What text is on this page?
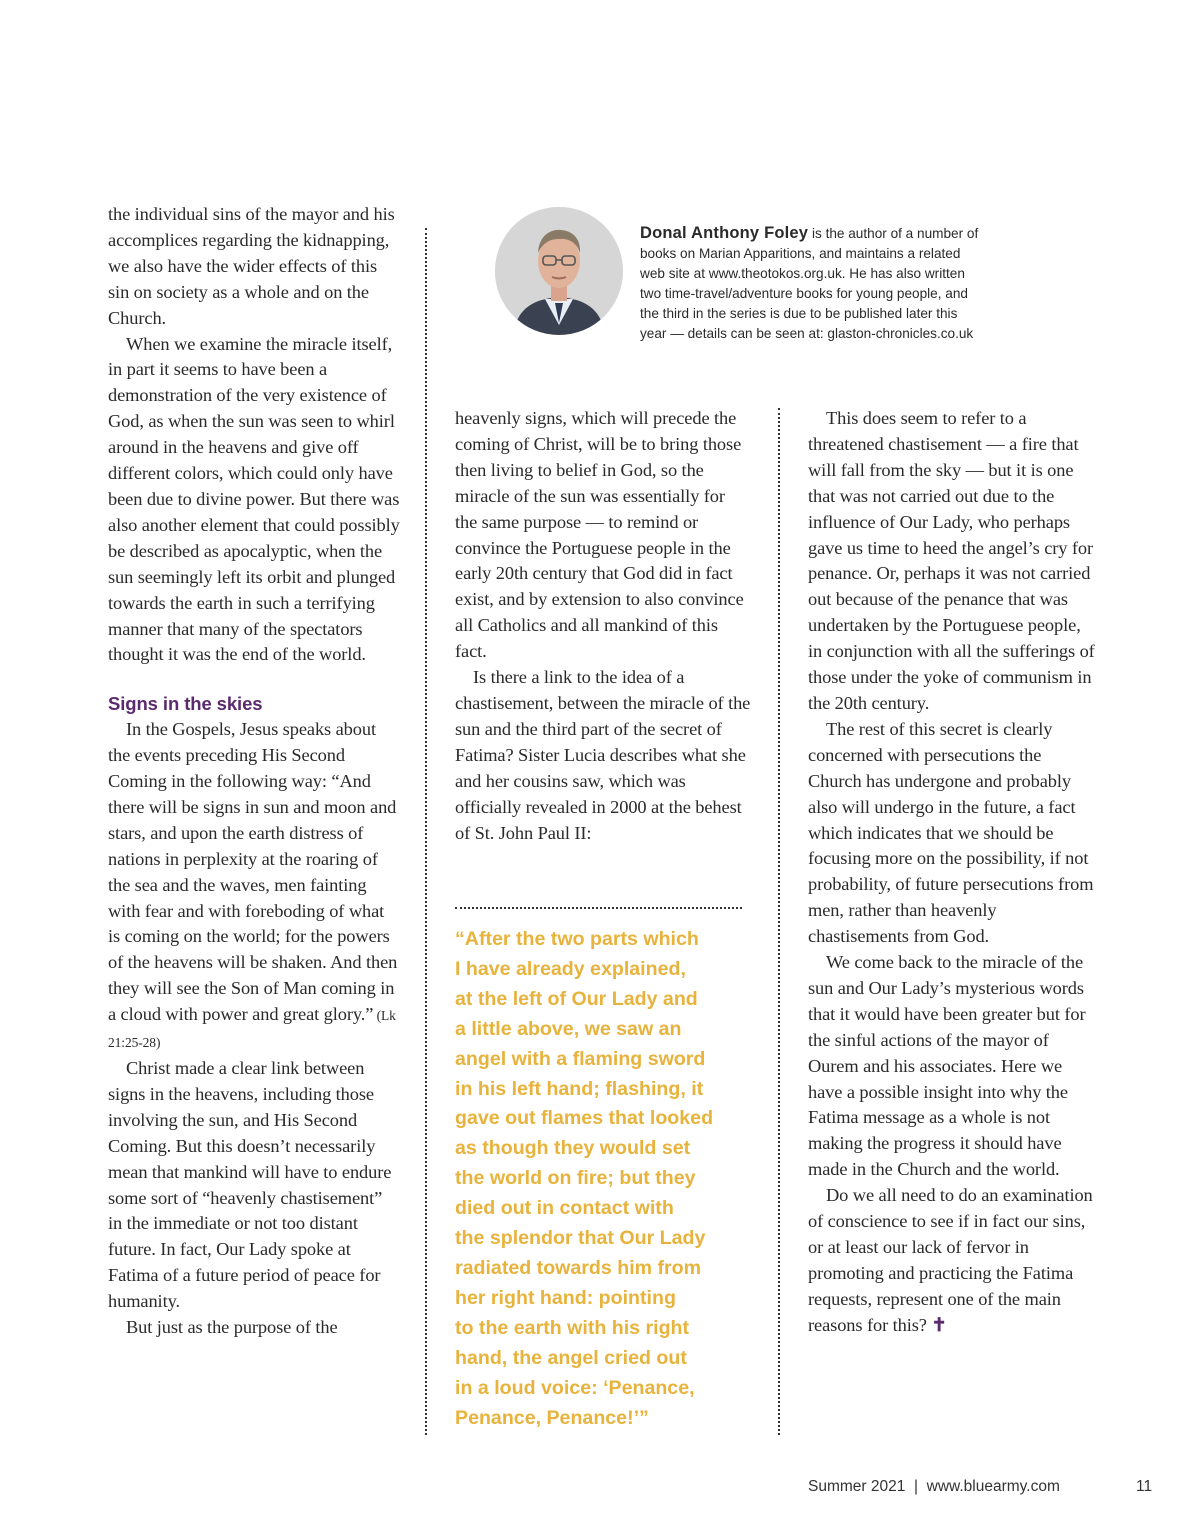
Donal Anthony Foley is the author of a number of
books on Marian Apparitions, and maintains a related
web site at www.theotokos.org.uk. He has also written
two time-travel/adventure books for young people, and
the third in the series is due to be published later this
year — details can be seen at: glaston-chronicles.co.uk

the individual sins of the mayor and his accomplices regarding the kidnapping, we also have the wider effects of this sin on society as a whole and on the Church.

When we examine the miracle itself, in part it seems to have been a demonstration of the very existence of God, as when the sun was seen to whirl around in the heavens and give off different colors, which could only have been due to divine power. But there was also another element that could possibly be described as apocalyptic, when the sun seemingly left its orbit and plunged towards the earth in such a terrifying manner that many of the spectators thought it was the end of the world.

Signs in the skies

In the Gospels, Jesus speaks about the events preceding His Second Coming in the following way: “And there will be signs in sun and moon and stars, and upon the earth distress of nations in perplexity at the roaring of the sea and the waves, men fainting with fear and with foreboding of what is coming on the world; for the powers of the heavens will be shaken. And then they will see the Son of Man coming in a cloud with power and great glory.” (Lk 21:25-28)

Christ made a clear link between signs in the heavens, including those involving the sun, and His Second Coming. But this doesn’t necessarily mean that mankind will have to endure some sort of “heavenly chastisement” in the immediate or not too distant future. In fact, Our Lady spoke at Fatima of a future period of peace for humanity.

But just as the purpose of the

heavenly signs, which will precede the coming of Christ, will be to bring those then living to belief in God, so the miracle of the sun was essentially for the same purpose — to remind or convince the Portuguese people in the early 20th century that God did in fact exist, and by extension to also convince all Catholics and all mankind of this fact.

Is there a link to the idea of a chastisement, between the miracle of the sun and the third part of the secret of Fatima? Sister Lucia describes what she and her cousins saw, which was officially revealed in 2000 at the behest of St. John Paul II:

“After the two parts which
I have already explained,
at the left of Our Lady and
a little above, we saw an
angel with a flaming sword
in his left hand; flashing, it
gave out flames that looked
as though they would set
the world on fire; but they
died out in contact with
the splendor that Our Lady
radiated towards him from
her right hand: pointing
to the earth with his right
hand, the angel cried out
in a loud voice: ‘Penance,
Penance, Penance!’”

This does seem to refer to a threatened chastisement — a fire that will fall from the sky — but it is one that was not carried out due to the influence of Our Lady, who perhaps gave us time to heed the angel’s cry for penance. Or, perhaps it was not carried out because of the penance that was undertaken by the Portuguese people, in conjunction with all the sufferings of those under the yoke of communism in the 20th century.

The rest of this secret is clearly concerned with persecutions the Church has undergone and probably also will undergo in the future, a fact which indicates that we should be focusing more on the possibility, if not probability, of future persecutions from men, rather than heavenly chastisements from God.

We come back to the miracle of the sun and Our Lady’s mysterious words that it would have been greater but for the sinful actions of the mayor of Ourem and his associates. Here we have a possible insight into why the Fatima message as a whole is not making the progress it should have made in the Church and the world.

Do we all need to do an examination of conscience to see if in fact our sins, or at least our lack of fervor in promoting and practicing the Fatima requests, represent one of the main reasons for this? ✝

Summer 2021 | www.bluearmy.com	11
